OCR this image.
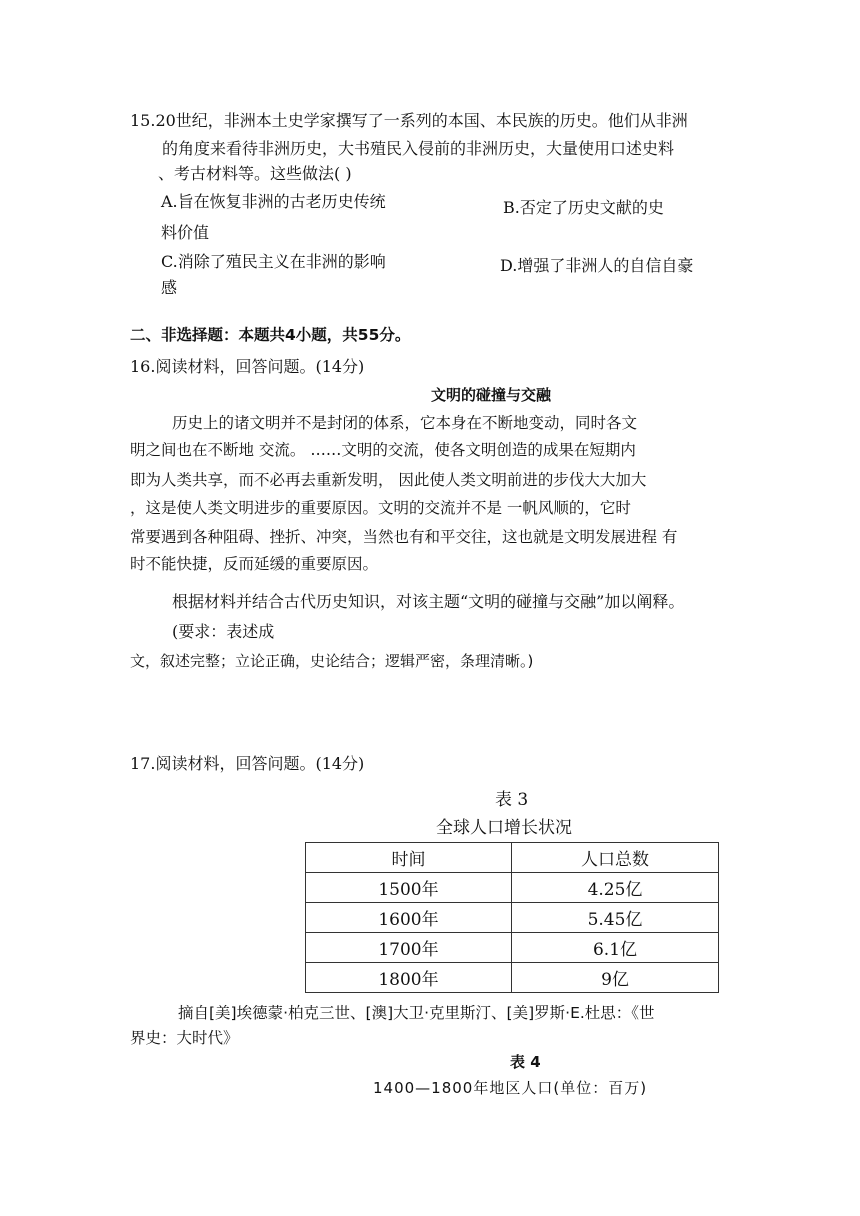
15.20世纪，非洲本土史学家撰写了一系列的本国、本民族的历史。他们从非洲
的角度来看待非洲历史，大书殖民入侵前的非洲历史，大量使用口述史料
、考古材料等。这些做法( )
A.旨在恢复非洲的古老历史传统
料价值
B.否定了历史文献的史
C.消除了殖民主义在非洲的影响
感
D.增强了非洲人的自信自豪
二、非选择题：本题共4小题，共55分。
16.阅读材料，回答问题。(14分)
文明的碰撞与交融
历史上的诸文明并不是封闭的体系，它本身在不断地变动，同时各文
明之间也在不断地 交流。 ……文明的交流，使各文明创造的成果在短期内
即为人类共享，而不必再去重新发明， 因此使人类文明前进的步伐大大加大
，这是使人类文明进步的重要原因。文明的交流并不是 一帆风顺的，它时
常要遇到各种阻碍、挫折、冲突，当然也有和平交往，这也就是文明发展进程 有
时不能快捷，反而延缓的重要原因。
根据材料并结合古代历史知识，对该主题“文明的碰撞与交融”加以阐释。
(要求：表述成
文，叙述完整；立论正确，史论结合；逻辑严密，条理清晰。)
17.阅读材料，回答问题。(14分)
表 3
全球人口增长状况
时间	人口总数
1500年	4.25亿
1600年	5.45亿
1700年	6.1亿
1800年	9亿
摘自[美]埃德蒙·柏克三世、[澳]大卫·克里斯汀、[美]罗斯·E.杜思：《世
界史：大时代》
表 4
1400—1800年地区人口(单位：百万)
